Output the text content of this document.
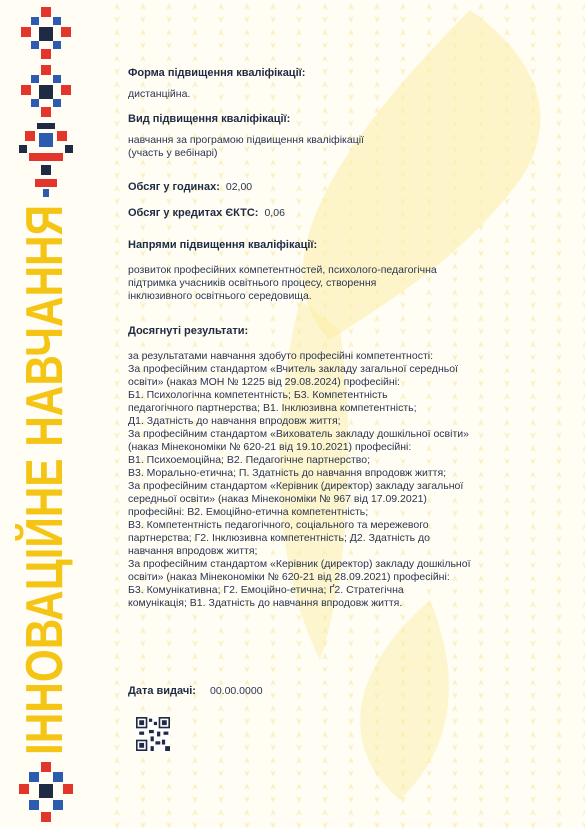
ІННОВАЦІЙНЕ НАВЧАННЯ
Форма підвищення кваліфікації:
дистанційна.
Вид підвищення кваліфікації:
навчання за програмою підвищення кваліфікації
(участь у вебінарі)
Обсяг у годинах: 02,00
Обсяг у кредитах ЄКТС: 0,06
Напрями підвищення кваліфікації:
розвиток професійних компетентностей, психолого-педагогічна
підтримка учасників освітнього процесу, створення
інклюзивного освітнього середовища.
Досягнуті результати:
за результатами навчання здобуто професійні компетентності:
За професійним стандартом «Вчитель закладу загальної середньої
освіти» (наказ МОН № 1225 від 29.08.2024) професійні:
Б1. Психологічна компетентність; Б3. Компетентність
педагогічного партнерства; В1. Інклюзивна компетентність;
Д1. Здатність до навчання впродовж життя;
За професійним стандартом «Вихователь закладу дошкільної освіти»
(наказ Мінекономіки № 620-21 від 19.10.2021) професійні:
В1. Психоемоційна; В2. Педагогічне партнерство;
В3. Морально-етична; П. Здатність до навчання впродовж життя;
За професійним стандартом «Керівник (директор) закладу загальної
середньої освіти» (наказ Мінекономіки № 967 від 17.09.2021)
професійні: В2. Емоційно-етична компетентність;
В3. Компетентність педагогічного, соціального та мережевого
партнерства; Г2. Інклюзивна компетентність; Д2. Здатність до
навчання впродовж життя;
За професійним стандартом «Керівник (директор) закладу дошкільної
освіти» (наказ Мінекономіки № 620-21 від 28.09.2021) професійні:
Б3. Комунікативна; Г2. Емоційно-етична; Ґ2. Стратегічна
комунікація; В1. Здатність до навчання впродовж життя.
Дата видачі: 00.00.0000
